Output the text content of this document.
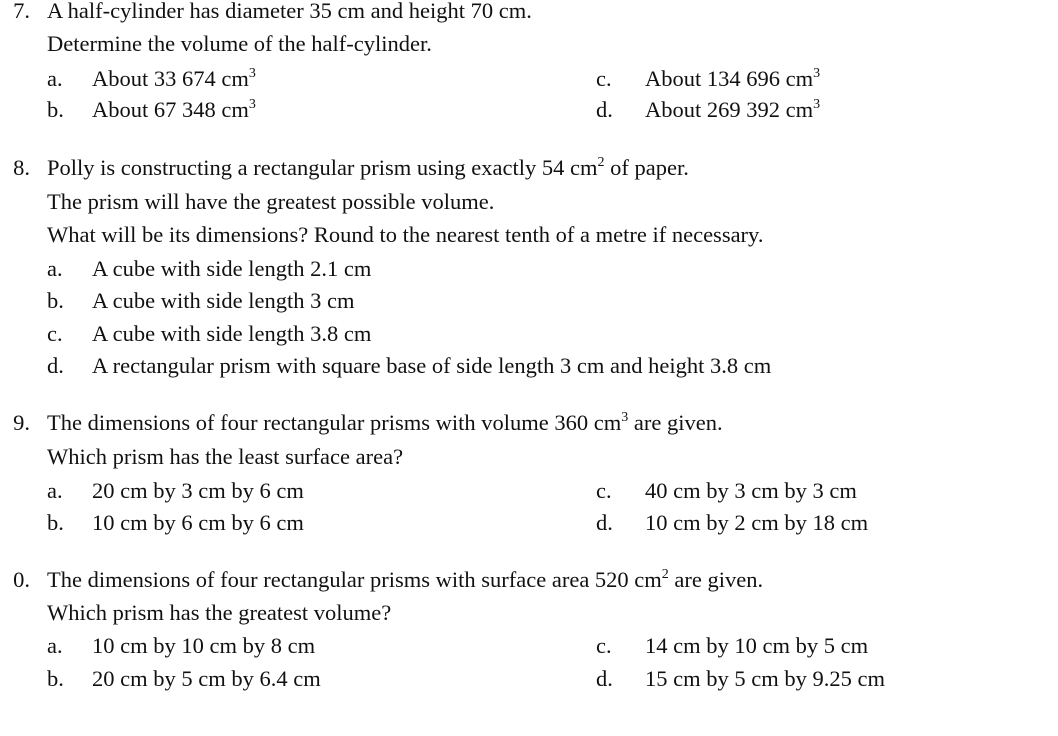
7. A half-cylinder has diameter 35 cm and height 70 cm.
Determine the volume of the half-cylinder.
a. About 33 674 $cm^3$	c. About 134 696 $cm^3$
b. About 67 348 $cm^3$	d. About 269 392 $cm^3$
8. Polly is constructing a rectangular prism using exactly 54 $cm^2$ of paper.
The prism will have the greatest possible volume.
What will be its dimensions? Round to the nearest tenth of a metre if necessary.
a. A cube with side length 2.1 cm
b. A cube with side length 3 cm
c. A cube with side length 3.8 cm
d. A rectangular prism with square base of side length 3 cm and height 3.8 cm
9. The dimensions of four rectangular prisms with volume 360 $cm^3$ are given.
Which prism has the least surface area?
a. 20 cm by 3 cm by 6 cm	c. 40 cm by 3 cm by 3 cm
b. 10 cm by 6 cm by 6 cm	d. 10 cm by 2 cm by 18 cm
0. The dimensions of four rectangular prisms with surface area 520 $cm^2$ are given.
Which prism has the greatest volume?
a. 10 cm by 10 cm by 8 cm	c. 14 cm by 10 cm by 5 cm
b. 20 cm by 5 cm by 6.4 cm	d. 15 cm by 5 cm by 9.25 cm
